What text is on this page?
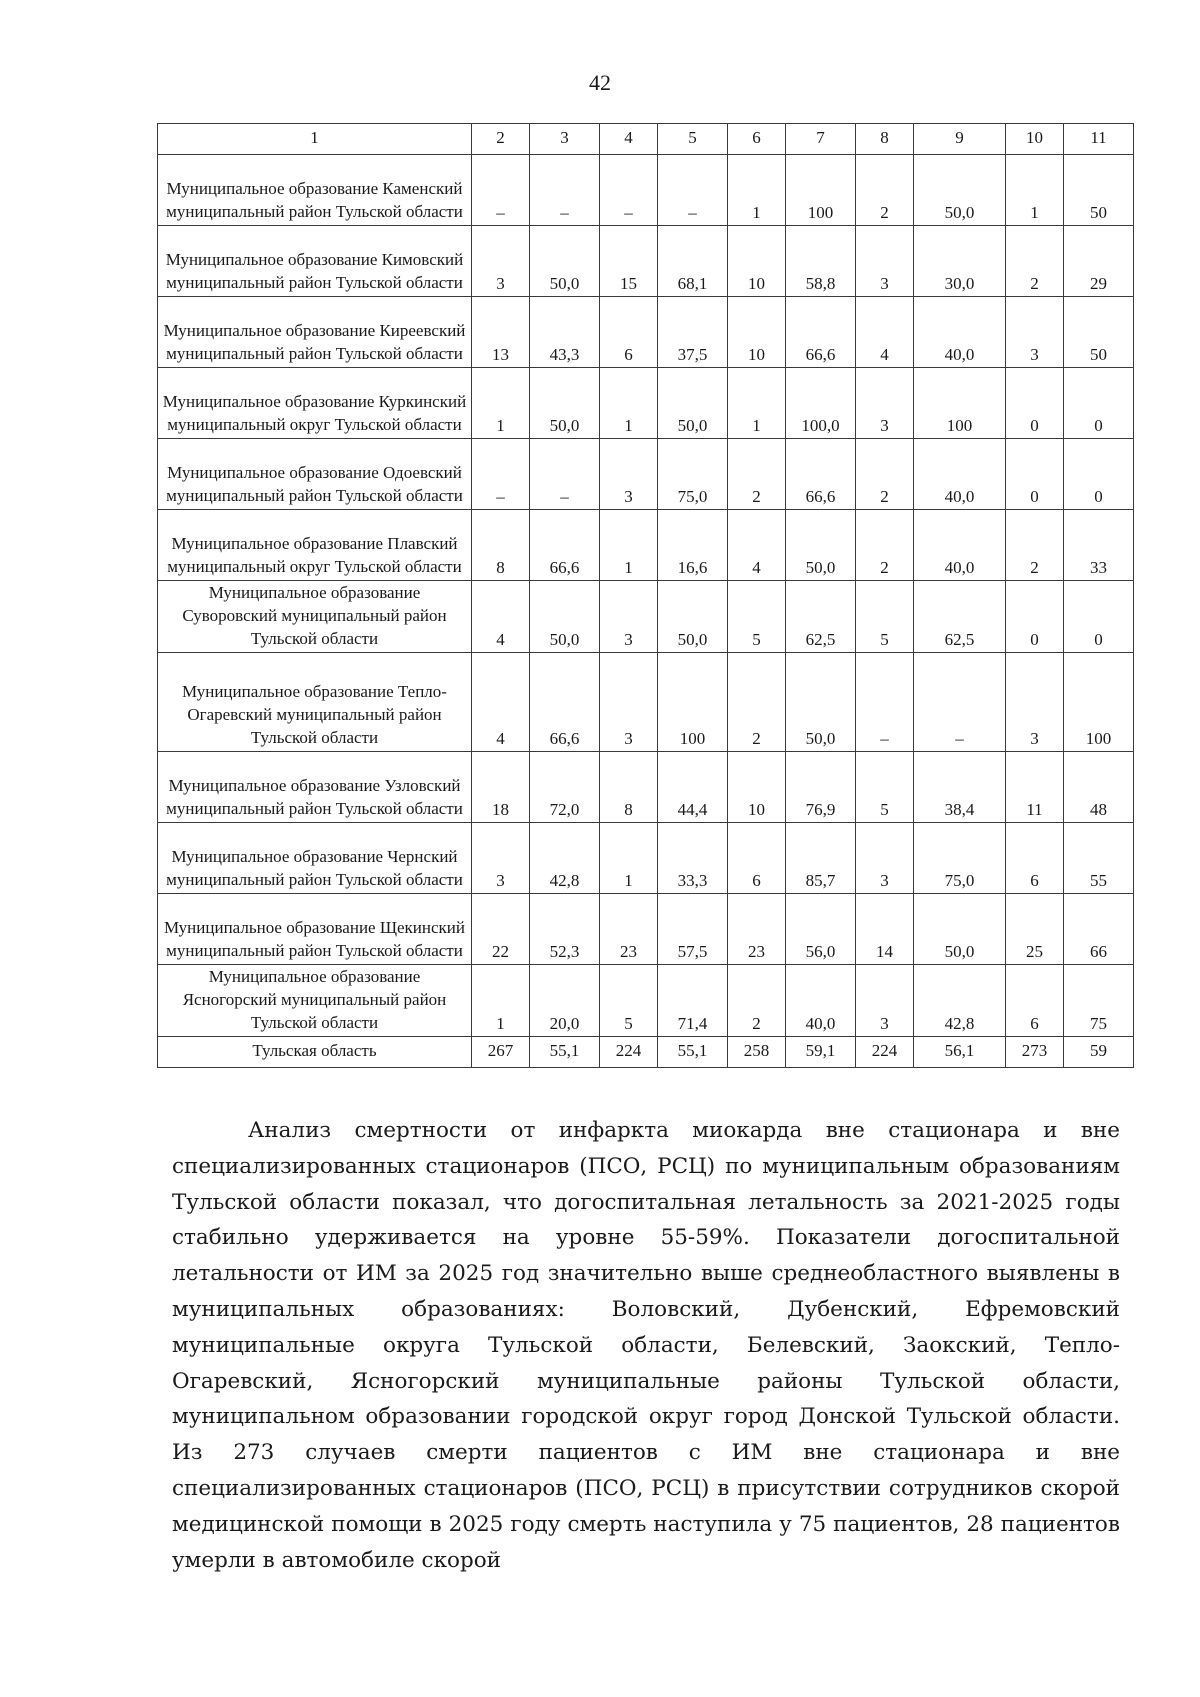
42
1	2	3	4	5	6	7	8	9	10	11
Муниципальное образование Каменский муниципальный район Тульской области	–	–	–	–	1	100	2	50,0	1	50
Муниципальное образование Кимовский муниципальный район Тульской области	3	50,0	15	68,1	10	58,8	3	30,0	2	29
Муниципальное образование Киреевский муниципальный район Тульской области	13	43,3	6	37,5	10	66,6	4	40,0	3	50
Муниципальное образование Куркинский муниципальный округ Тульской области	1	50,0	1	50,0	1	100,0	3	100	0	0
Муниципальное образование Одоевский муниципальный район Тульской области	–	–	3	75,0	2	66,6	2	40,0	0	0
Муниципальное образование Плавский муниципальный округ Тульской области	8	66,6	1	16,6	4	50,0	2	40,0	2	33
Муниципальное образование Суворовский муниципальный район Тульской области	4	50,0	3	50,0	5	62,5	5	62,5	0	0
Муниципальное образование Тепло-Огаревский муниципальный район Тульской области	4	66,6	3	100	2	50,0	–	–	3	100
Муниципальное образование Узловский муниципальный район Тульской области	18	72,0	8	44,4	10	76,9	5	38,4	11	48
Муниципальное образование Чернский муниципальный район Тульской области	3	42,8	1	33,3	6	85,7	3	75,0	6	55
Муниципальное образование Щекинский муниципальный район Тульской области	22	52,3	23	57,5	23	56,0	14	50,0	25	66
Муниципальное образование Ясногорский муниципальный район Тульской области	1	20,0	5	71,4	2	40,0	3	42,8	6	75
Тульская область	267	55,1	224	55,1	258	59,1	224	56,1	273	59

Анализ смертности от инфаркта миокарда вне стационара и вне специализированных стационаров (ПСО, РСЦ) по муниципальным образованиям Тульской области показал, что догоспитальная летальность за 2021-2025 годы стабильно удерживается на уровне 55-59%. Показатели догоспитальной летальности от ИМ за 2025 год значительно выше среднеобластного выявлены в муниципальных образованиях: Воловский, Дубенский, Ефремовский муниципальные округа Тульской области, Белевский, Заокский, Тепло-Огаревский, Ясногорский муниципальные районы Тульской области, муниципальном образовании городской округ город Донской Тульской области. Из 273 случаев смерти пациентов с ИМ вне стационара и вне специализированных стационаров (ПСО, РСЦ) в присутствии сотрудников скорой медицинской помощи в 2025 году смерть наступила у 75 пациентов, 28 пациентов умерли в автомобиле скорой
